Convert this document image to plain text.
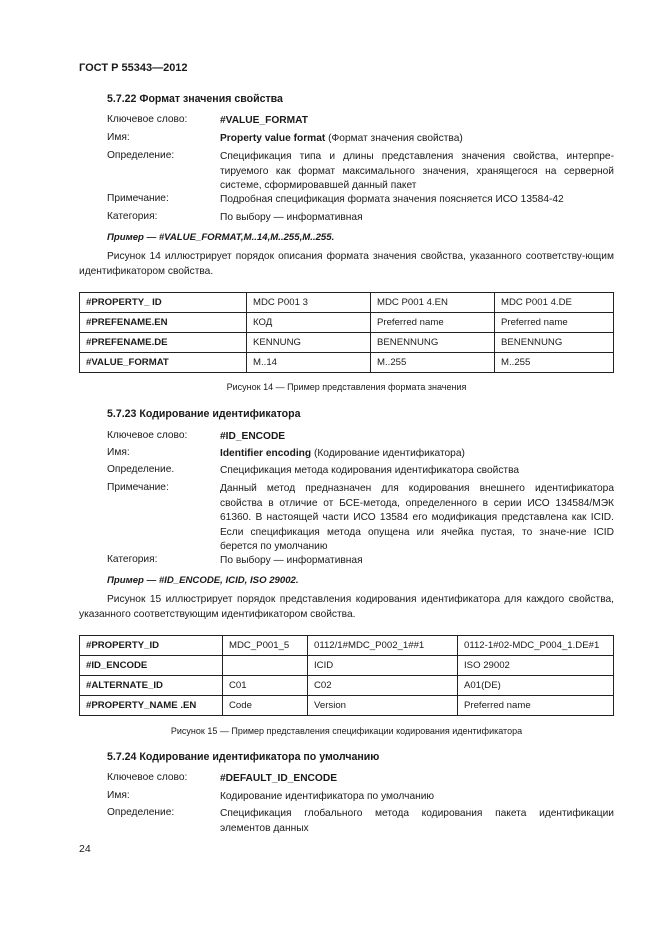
ГОСТ Р 55343—2012
5.7.22 Формат значения свойства
Ключевое слово:	#VALUE_FORMAT
Имя:	Property value format (Формат значения свойства)
Определение:	Спецификация типа и длины представления значения свойства, интерпре-тируемого как формат максимального значения, хранящегося на серверной системе, сформировавшей данный пакет
Примечание:	Подробная спецификация формата значения поясняется ИСО 13584-42
Категория:	По выбору — информативная
Пример — #VALUE_FORMAT,M..14,M..255,M..255.
Рисунок 14 иллюстрирует порядок описания формата значения свойства, указанного соответству-ющим идентификатором свойства.
#PROPERTY_ ID	MDC P001 3	MDC P001 4.EN	MDC P001 4.DE
#PREFENAME.EN	КОД	Preferred name	Preferred name
#PREFENAME.DE	KENNUNG	BENENNUNG	BENENNUNG
#VALUE_FORMAT	M..14	M..255	M..255
Рисунок 14 — Пример представления формата значения
5.7.23 Кодирование идентификатора
Ключевое слово:	#ID_ENCODE
Имя:	Identifier encoding (Кодирование идентификатора)
Определение.	Спецификация метода кодирования идентификатора свойства
Примечание:	Данный метод предназначен для кодирования внешнего идентификатора свойства в отличие от БСЕ-метода, определенного в серии ИСО 134584/МЭК 61360. В настоящей части ИСО 13584 его модификация представлена как ICID. Если спецификация метода опущена или ячейка пустая, то значе-ние ICID берется по умолчанию
Категория:	По выбору — информативная
Пример — #ID_ENCODE, ICID, ISO 29002.
Рисунок 15 иллюстрирует порядок представления кодирования идентификатора для каждого свойства, указанного соответствующим идентификатором свойства.
#PROPERTY_ID	MDC_P001_5	0112/1#MDC_P002_1##1	0112-1#02-MDC_P004_1.DE#1
#ID_ENCODE		ICID	ISO 29002
#ALTERNATE_ID	C01	C02	A01(DE)
#PROPERTY_NAME .EN	Code	Version	Preferred name
Рисунок 15 — Пример представления спецификации кодирования идентификатора
5.7.24 Кодирование идентификатора по умолчанию
Ключевое слово:	#DEFAULT_ID_ENCODE
Имя:	Кодирование идентификатора по умолчанию
Определение:	Спецификация глобального метода кодирования пакета идентификации элементов данных
24
